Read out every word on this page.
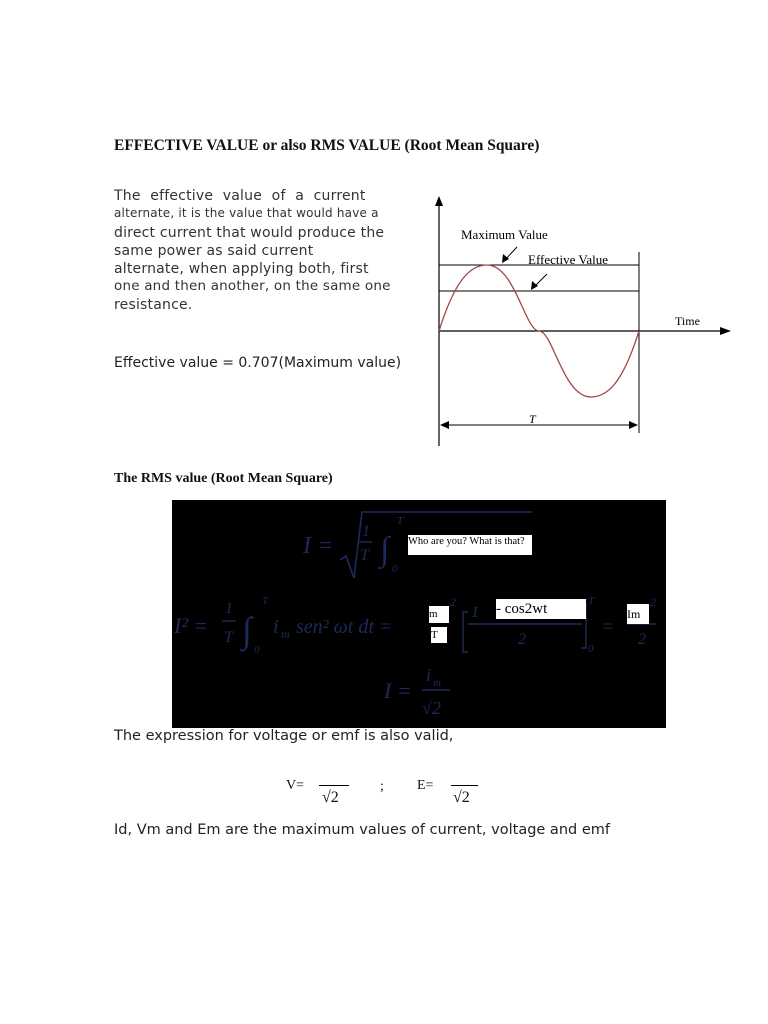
EFFECTIVE VALUE or also RMS VALUE (Root Mean Square)
The effective value of a current
alternate, it is the value that would have a
direct current that would produce the
same power as said current
alternate, when applying both, first
one and then another, on the same one
resistance.
Effective value = 0.707(Maximum value)
Maximum Value
Effective Value
Time
T
The RMS value (Root Mean Square)
I =
1
T ∫
T
0
I² =
1
T ∫
T
0
i m sen² ωt dt =
2
1
2
T
0
=
2
2
I =
i m
√2
Who are you? What is that?
m
T
- cos2wt	Im
The expression for voltage or emf is also valid,
V=
√2
; E=
√2
Id, Vm and Em are the maximum values of current, voltage and emf
